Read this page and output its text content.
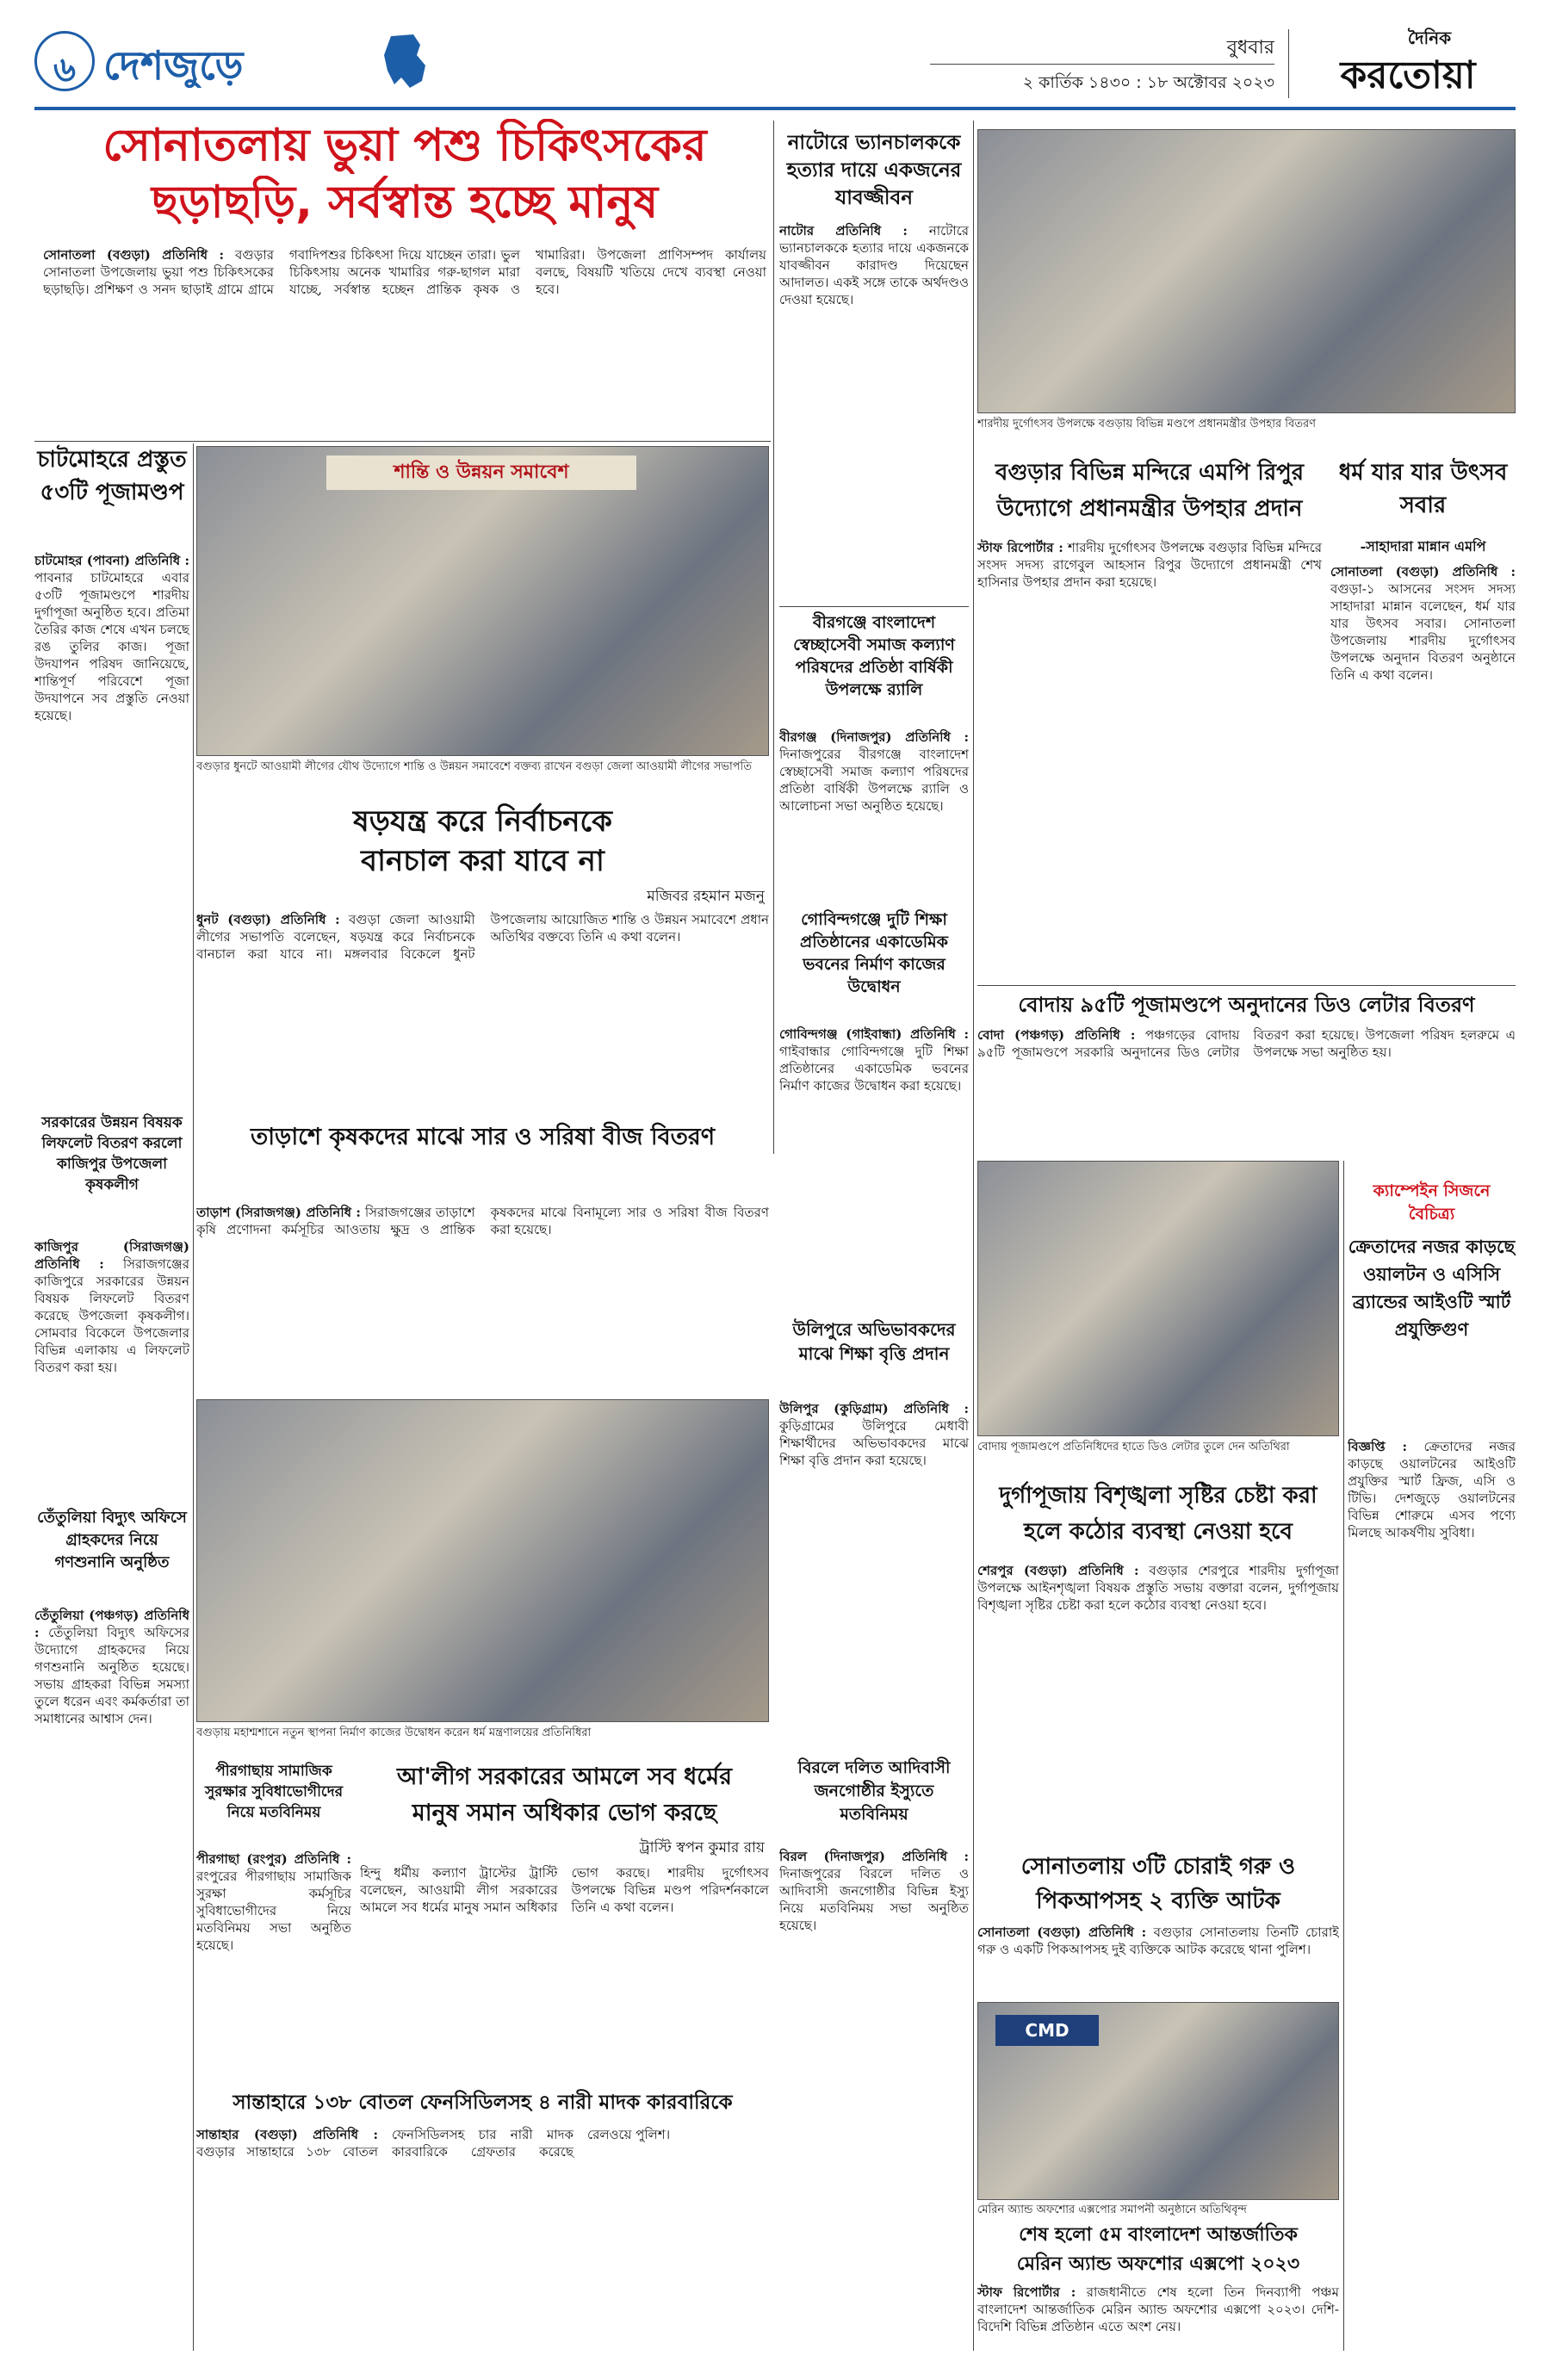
৬ দেশজুড়ে	বুধবার
২ কার্তিক ১৪৩০ : ১৮ অক্টোবর ২০২৩
দৈনিক
করতোয়া
সোনাতলায় ভুয়া পশু চিকিৎসকের
ছড়াছড়ি, সর্বস্বান্ত হচ্ছে মানুষ
সোনাতলা (বগুড়া) প্রতিনিধি : বগুড়ার সোনাতলা উপজেলায় ভুয়া পশু চিকিৎসকের ছড়াছড়ি। প্রশিক্ষণ ও সনদ ছাড়াই গ্রামে গ্রামে গবাদিপশুর চিকিৎসা দিয়ে যাচ্ছেন তারা। ভুল চিকিৎসায় অনেক খামারির গরু-ছাগল মারা যাচ্ছে, সর্বস্বান্ত হচ্ছেন প্রান্তিক কৃষক ও খামারিরা। উপজেলা প্রাণিসম্পদ কার্যালয় বলছে, বিষয়টি খতিয়ে দেখে ব্যবস্থা নেওয়া হবে।
নাটোরে ভ্যানচালককে হত্যার দায়ে একজনের যাবজ্জীবন
নাটোর প্রতিনিধি : নাটোরে ভ্যানচালককে হত্যার দায়ে একজনকে যাবজ্জীবন কারাদণ্ড দিয়েছেন আদালত। একই সঙ্গে তাকে অর্থদণ্ডও দেওয়া হয়েছে।
শারদীয় দুর্গোৎসব উপলক্ষে বগুড়ায় বিভিন্ন মণ্ডপে প্রধানমন্ত্রীর উপহার বিতরণ
বগুড়ার বিভিন্ন মন্দিরে এমপি রিপুর
উদ্যোগে প্রধানমন্ত্রীর উপহার প্রদান
স্টাফ রিপোর্টার : শারদীয় দুর্গোৎসব উপলক্ষে বগুড়ার বিভিন্ন মন্দিরে সংসদ সদস্য রাগেবুল আহসান রিপুর উদ্যোগে প্রধানমন্ত্রী শেখ হাসিনার উপহার প্রদান করা হয়েছে।
ধর্ম যার যার উৎসব সবার
-সাহাদারা মান্নান এমপি
সোনাতলা (বগুড়া) প্রতিনিধি : বগুড়া-১ আসনের সংসদ সদস্য সাহাদারা মান্নান বলেছেন, ধর্ম যার যার উৎসব সবার। সোনাতলা উপজেলায় শারদীয় দুর্গোৎসব উপলক্ষে অনুদান বিতরণ অনুষ্ঠানে তিনি এ কথা বলেন।
চাটমোহরে প্রস্তুত ৫৩টি পূজামণ্ডপ
চাটমোহর (পাবনা) প্রতিনিধি : পাবনার চাটমোহরে এবার ৫৩টি পূজামণ্ডপে শারদীয় দুর্গাপূজা অনুষ্ঠিত হবে। প্রতিমা তৈরির কাজ শেষে এখন চলছে রঙ তুলির কাজ। পূজা উদযাপন পরিষদ জানিয়েছে, শান্তিপূর্ণ পরিবেশে পূজা উদযাপনে সব প্রস্তুতি নেওয়া হয়েছে।
শান্তি ও উন্নয়ন সমাবেশ
বগুড়ার ধুনটে আওয়ামী লীগের যৌথ উদ্যোগে শান্তি ও উন্নয়ন সমাবেশে বক্তব্য রাখেন বগুড়া জেলা আওয়ামী লীগের সভাপতি
ষড়যন্ত্র করে নির্বাচনকে
বানচাল করা যাবে না
মজিবর রহমান মজনু
ধুনট (বগুড়া) প্রতিনিধি : বগুড়া জেলা আওয়ামী লীগের সভাপতি বলেছেন, ষড়যন্ত্র করে নির্বাচনকে বানচাল করা যাবে না। মঙ্গলবার বিকেলে ধুনট উপজেলায় আয়োজিত শান্তি ও উন্নয়ন সমাবেশে প্রধান অতিথির বক্তব্যে তিনি এ কথা বলেন।
গোবিন্দগঞ্জে দুটি শিক্ষা প্রতিষ্ঠানের একাডেমিক ভবনের নির্মাণ কাজের উদ্বোধন
গোবিন্দগঞ্জ (গাইবান্ধা) প্রতিনিধি : গাইবান্ধার গোবিন্দগঞ্জে দুটি শিক্ষা প্রতিষ্ঠানের একাডেমিক ভবনের নির্মাণ কাজের উদ্বোধন করা হয়েছে।
বীরগঞ্জে বাংলাদেশ স্বেচ্ছাসেবী সমাজ কল্যাণ পরিষদের প্রতিষ্ঠা বার্ষিকী উপলক্ষে র‍্যালি
বীরগঞ্জ (দিনাজপুর) প্রতিনিধি : দিনাজপুরের বীরগঞ্জে বাংলাদেশ স্বেচ্ছাসেবী সমাজ কল্যাণ পরিষদের প্রতিষ্ঠা বার্ষিকী উপলক্ষে র‍্যালি ও আলোচনা সভা অনুষ্ঠিত হয়েছে।
বোদায় ৯৫টি পূজামণ্ডপে অনুদানের ডিও লেটার বিতরণ
বোদা (পঞ্চগড়) প্রতিনিধি : পঞ্চগড়ের বোদায় ৯৫টি পূজামণ্ডপে সরকারি অনুদানের ডিও লেটার বিতরণ করা হয়েছে। উপজেলা পরিষদ হলরুমে এ উপলক্ষে সভা অনুষ্ঠিত হয়।
বোদায় পূজামণ্ডপে প্রতিনিধিদের হাতে ডিও লেটার তুলে দেন অতিথিরা
ক্যাম্পেইন সিজনে বৈচিত্র্য
ক্রেতাদের নজর কাড়ছে ওয়ালটন ও এসিসি ব্র্যান্ডের আইওটি স্মার্ট প্রযুক্তিগুণ
বিজ্ঞপ্তি : ক্রেতাদের নজর কাড়ছে ওয়ালটনের আইওটি প্রযুক্তির স্মার্ট ফ্রিজ, এসি ও টিভি। দেশজুড়ে ওয়ালটনের বিভিন্ন শোরুমে এসব পণ্যে মিলছে আকর্ষণীয় সুবিধা।
দুর্গাপূজায় বিশৃঙ্খলা সৃষ্টির চেষ্টা করা
হলে কঠোর ব্যবস্থা নেওয়া হবে
শেরপুর (বগুড়া) প্রতিনিধি : বগুড়ার শেরপুরে শারদীয় দুর্গাপূজা উপলক্ষে আইনশৃঙ্খলা বিষয়ক প্রস্তুতি সভায় বক্তারা বলেন, দুর্গাপূজায় বিশৃঙ্খলা সৃষ্টির চেষ্টা করা হলে কঠোর ব্যবস্থা নেওয়া হবে।
সোনাতলায় ৩টি চোরাই গরু ও
পিকআপসহ ২ ব্যক্তি আটক
সোনাতলা (বগুড়া) প্রতিনিধি : বগুড়ার সোনাতলায় তিনটি চোরাই গরু ও একটি পিকআপসহ দুই ব্যক্তিকে আটক করেছে থানা পুলিশ।
উলিপুরে অভিভাবকদের মাঝে শিক্ষা বৃত্তি প্রদান
উলিপুর (কুড়িগ্রাম) প্রতিনিধি : কুড়িগ্রামের উলিপুরে মেধাবী শিক্ষার্থীদের অভিভাবকদের মাঝে শিক্ষা বৃত্তি প্রদান করা হয়েছে।
সরকারের উন্নয়ন বিষয়ক লিফলেট বিতরণ করলো কাজিপুর উপজেলা কৃষকলীগ
কাজিপুর (সিরাজগঞ্জ) প্রতিনিধি : সিরাজগঞ্জের কাজিপুরে সরকারের উন্নয়ন বিষয়ক লিফলেট বিতরণ করেছে উপজেলা কৃষকলীগ। সোমবার বিকেলে উপজেলার বিভিন্ন এলাকায় এ লিফলেট বিতরণ করা হয়।
তাড়াশে কৃষকদের মাঝে সার ও সরিষা বীজ বিতরণ
তাড়াশ (সিরাজগঞ্জ) প্রতিনিধি : সিরাজগঞ্জের তাড়াশে কৃষি প্রণোদনা কর্মসূচির আওতায় ক্ষুদ্র ও প্রান্তিক কৃষকদের মাঝে বিনামূল্যে সার ও সরিষা বীজ বিতরণ করা হয়েছে।
বগুড়ায় মহাশ্মশানে নতুন স্থাপনা নির্মাণ কাজের উদ্বোধন করেন ধর্ম মন্ত্রণালয়ের প্রতিনিধিরা
তেঁতুলিয়া বিদ্যুৎ অফিসে গ্রাহকদের নিয়ে গণশুনানি অনুষ্ঠিত
তেঁতুলিয়া (পঞ্চগড়) প্রতিনিধি : তেঁতুলিয়া বিদ্যুৎ অফিসের উদ্যোগে গ্রাহকদের নিয়ে গণশুনানি অনুষ্ঠিত হয়েছে। সভায় গ্রাহকরা বিভিন্ন সমস্যা তুলে ধরেন এবং কর্মকর্তারা তা সমাধানের আশ্বাস দেন।
পীরগাছায় সামাজিক সুরক্ষার সুবিধাভোগীদের নিয়ে মতবিনিময়
পীরগাছা (রংপুর) প্রতিনিধি : রংপুরের পীরগাছায় সামাজিক সুরক্ষা কর্মসূচির সুবিধাভোগীদের নিয়ে মতবিনিময় সভা অনুষ্ঠিত হয়েছে।
আ'লীগ সরকারের আমলে সব ধর্মের
মানুষ সমান অধিকার ভোগ করছে
ট্রাস্টি স্বপন কুমার রায়
হিন্দু ধর্মীয় কল্যাণ ট্রাস্টের ট্রাস্টি বলেছেন, আওয়ামী লীগ সরকারের আমলে সব ধর্মের মানুষ সমান অধিকার ভোগ করছে। শারদীয় দুর্গোৎসব উপলক্ষে বিভিন্ন মণ্ডপ পরিদর্শনকালে তিনি এ কথা বলেন।
সান্তাহারে ১৩৮ বোতল ফেনসিডিলসহ ৪ নারী মাদক কারবারিকে
সান্তাহার (বগুড়া) প্রতিনিধি : বগুড়ার সান্তাহারে ১৩৮ বোতল ফেনসিডিলসহ চার নারী মাদক কারবারিকে গ্রেফতার করেছে রেলওয়ে পুলিশ।
বিরলে দলিত আদিবাসী জনগোষ্ঠীর ইস্যুতে মতবিনিময়
বিরল (দিনাজপুর) প্রতিনিধি : দিনাজপুরের বিরলে দলিত ও আদিবাসী জনগোষ্ঠীর বিভিন্ন ইস্যু নিয়ে মতবিনিময় সভা অনুষ্ঠিত হয়েছে।
CMD
মেরিন অ্যান্ড অফশোর এক্সপোর সমাপনী অনুষ্ঠানে অতিথিবৃন্দ
শেষ হলো ৫ম বাংলাদেশ আন্তর্জাতিক
মেরিন অ্যান্ড অফশোর এক্সপো ২০২৩
স্টাফ রিপোর্টার : রাজধানীতে শেষ হলো তিন দিনব্যাপী পঞ্চম বাংলাদেশ আন্তর্জাতিক মেরিন অ্যান্ড অফশোর এক্সপো ২০২৩। দেশি-বিদেশি বিভিন্ন প্রতিষ্ঠান এতে অংশ নেয়।
